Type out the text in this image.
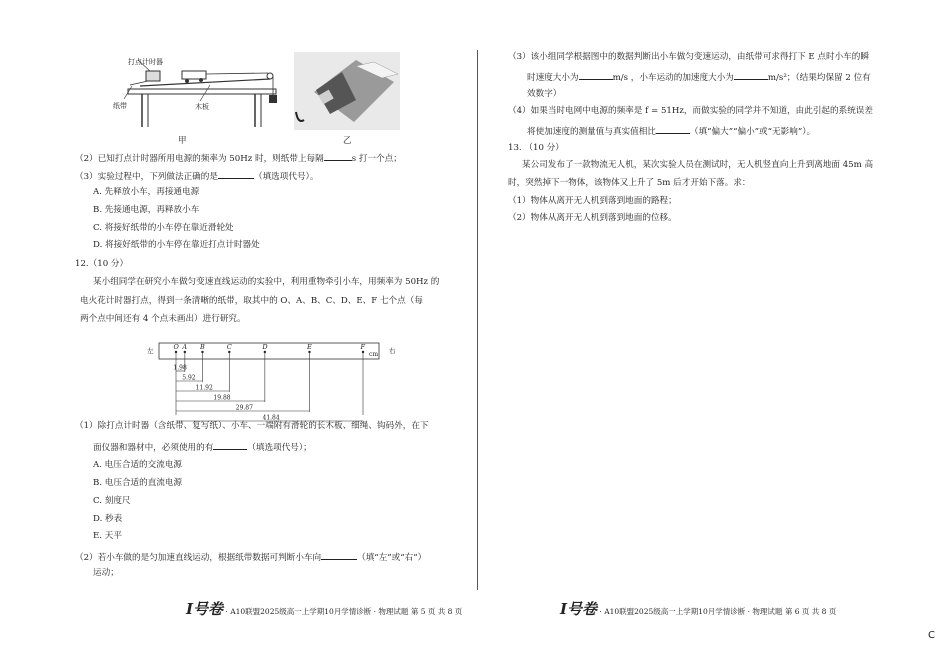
打点计时器
纸带	木板
甲	乙
（2）已知打点计时器所用电源的频率为 50Hz 时，则纸带上每隔	s 打一个点；
（3）实验过程中，下列做法正确的是	（填选项代号）。
A. 先释放小车，再接通电源
B. 先接通电源，再释放小车
C. 将接好纸带的小车停在靠近滑轮处
D. 将接好纸带的小车停在靠近打点计时器处
12.（10 分）
某小组同学在研究小车做匀变速直线运动的实验中，利用重物牵引小车，用频率为 50Hz 的
电火花计时器打点，得到一条清晰的纸带，取其中的 O、A、B、C、D、E、F 七个点（每
两个点中间还有 4 个点未画出）进行研究。
左	右
O A B	C	D	E	F
1.98
5.92
11.92
19.88
29.87
41.84
cm
（1）除打点计时器（含纸带、复写纸）、小车、一端附有滑轮的长木板、细绳、钩码外，在下
面仪器和器材中，必须使用的有	（填选项代号）；
A. 电压合适的交流电源
B. 电压合适的直流电源
C. 刻度尺
D. 秒表
E. 天平
（2）若小车做的是匀加速直线运动，根据纸带数据可判断小车向	（填“左”或“右”）
运动；
I号卷 · A10联盟2025级高一上学期10月学情诊断 · 物理试题 第 5 页 共 8 页
（3）该小组同学根据图中的数据判断出小车做匀变速运动，由纸带可求得打下 E 点时小车的瞬
时速度大小为	m/s ，小车运动的加速度大小为	m/s²；（结果均保留 2 位有
效数字）
（4）如果当时电网中电源的频率是 f = 51Hz，而做实验的同学并不知道，由此引起的系统误差
将使加速度的测量值与真实值相比	（填“偏大”“偏小”或“无影响”）。
13. （10 分）
某公司发布了一款物流无人机，某次实验人员在测试时，无人机竖直向上升到离地面 45m 高
时，突然掉下一物体，该物体又上升了 5m 后才开始下落。求：
（1）物体从离开无人机到落到地面的路程；
（2）物体从离开无人机到落到地面的位移。
I号卷 · A10联盟2025级高一上学期10月学情诊断 · 物理试题 第 6 页 共 8 页
C
